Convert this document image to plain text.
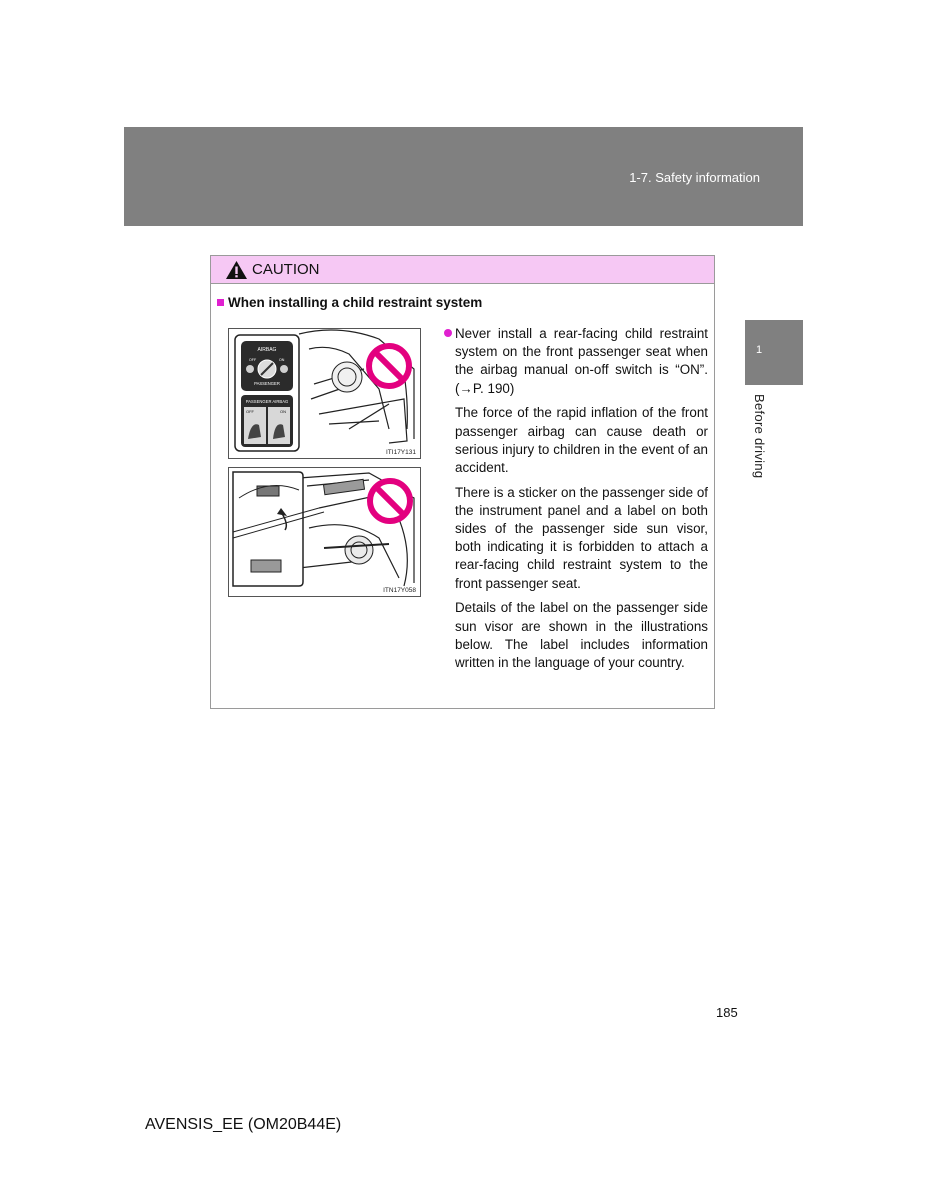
1-7. Safety information
1
Before driving
CAUTION
When installing a child restraint system
AIRBAG
OFF	ON
PASSENGER
PASSENGER AIRBAG
OFF	ON
ITI17Y131
ITN17Y058

Never install a rear-facing child restraint system on the front passenger seat when the airbag manual on-off switch is “ON”. (→P. 190)

The force of the rapid inflation of the front passenger airbag can cause death or serious injury to children in the event of an accident.

There is a sticker on the passenger side of the instrument panel and a label on both sides of the passenger side sun visor, both indicating it is forbidden to attach a rear-facing child restraint system to the front passenger seat.

Details of the label on the passenger side sun visor are shown in the illustrations below. The label includes information written in the language of your country.

185
AVENSIS_EE (OM20B44E)
